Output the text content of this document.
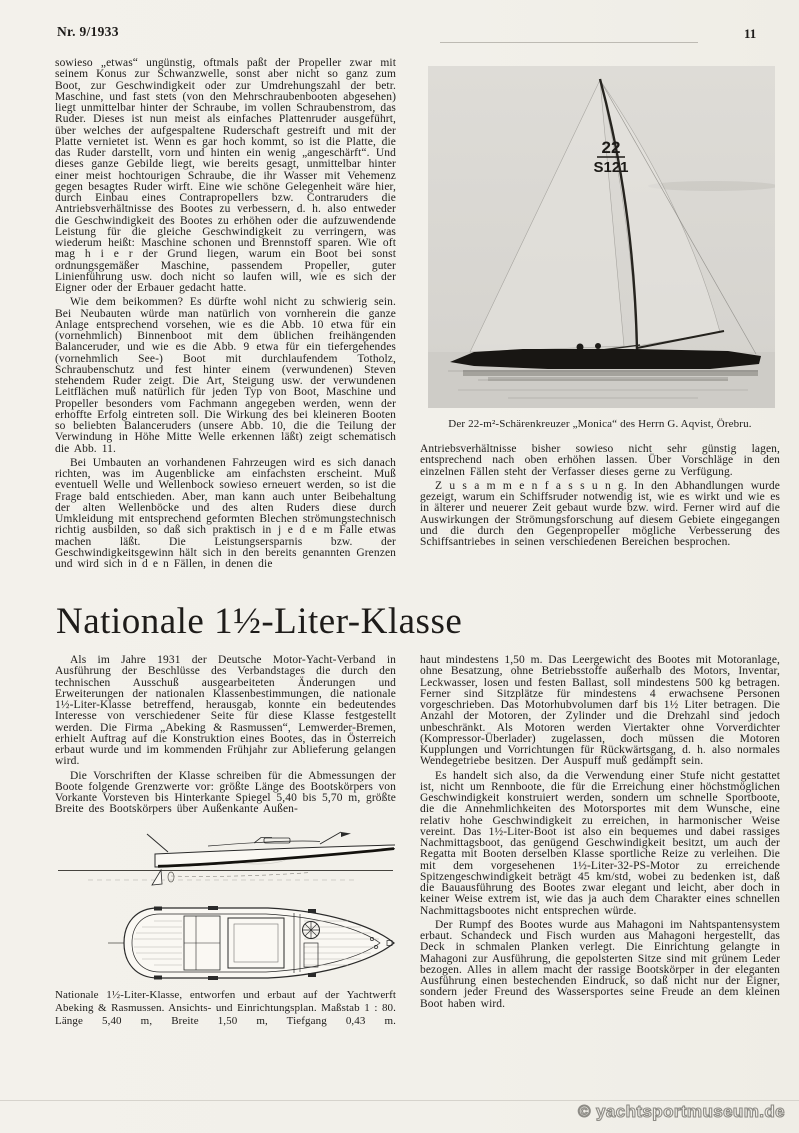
Nr. 9/1933	11

sowieso „etwas“ ungünstig, oftmals paßt der Propeller zwar mit seinem Konus zur Schwanzwelle, sonst aber nicht so ganz zum Boot, zur Geschwindigkeit oder zur Umdrehungszahl der betr. Maschine, und fast stets (von den Mehrschraubenbooten abgesehen) liegt unmittelbar hinter der Schraube, im vollen Schraubenstrom, das Ruder. Dieses ist nun meist als einfaches Plattenruder ausgeführt, über welches der aufgespaltene Ruderschaft gestreift und mit der Platte vernietet ist. Wenn es gar hoch kommt, so ist die Platte, die das Ruder darstellt, vorn und hinten ein wenig „angeschärft“. Und dieses ganze Gebilde liegt, wie bereits gesagt, unmittelbar hinter einer meist hochtourigen Schraube, die ihr Wasser mit Vehemenz gegen besagtes Ruder wirft. Eine wie schöne Gelegenheit wäre hier, durch Einbau eines Contrapropellers bzw. Contraruders die Antriebsverhältnisse des Bootes zu verbessern, d. h. also entweder die Geschwindigkeit des Bootes zu erhöhen oder die aufzuwendende Leistung für die gleiche Geschwindigkeit zu verringern, was wiederum heißt: Maschine schonen und Brennstoff sparen. Wie oft mag h i e r der Grund liegen, warum ein Boot bei sonst ordnungsgemäßer Maschine, passendem Propeller, guter Linienführung usw. doch nicht so laufen will, wie es sich der Eigner oder der Erbauer gedacht hatte.

Wie dem beikommen? Es dürfte wohl nicht zu schwierig sein. Bei Neubauten würde man natürlich von vornherein die ganze Anlage entsprechend vorsehen, wie es die Abb. 10 etwa für ein (vornehmlich) Binnenboot mit dem üblichen freihängenden Balanceruder, und wie es die Abb. 9 etwa für ein tiefergehendes (vornehmlich See-) Boot mit durchlaufendem Totholz, Schraubenschutz und fest hinter einem (verwundenen) Steven stehendem Ruder zeigt. Die Art, Steigung usw. der verwundenen Leitflächen muß natürlich für jeden Typ von Boot, Maschine und Propeller besonders vom Fachmann angegeben werden, wenn der erhoffte Erfolg eintreten soll. Die Wirkung des bei kleineren Booten so beliebten Balanceruders (unsere Abb. 10, die die Teilung der Verwindung in Höhe Mitte Welle erkennen läßt) zeigt schematisch die Abb. 11.

Bei Umbauten an vorhandenen Fahrzeugen wird es sich danach richten, was im Augenblicke am einfachsten erscheint. Muß eventuell Welle und Wellenbock sowieso erneuert werden, so ist die Frage bald entschieden. Aber, man kann auch unter Beibehaltung der alten Wellenböcke und des alten Ruders diese durch Umkleidung mit entsprechend geformten Blechen strömungstechnisch richtig ausbilden, so daß sich praktisch in j e d e m Falle etwas machen läßt. Die Leistungsersparnis bzw. der Geschwindigkeitsgewinn hält sich in den bereits genannten Grenzen und wird sich in d e n Fällen, in denen die

22
S121
Der 22-m²-Schärenkreuzer „Monica“ des Herrn G. Aqvist, Örebru.

Antriebsverhältnisse bisher sowieso nicht sehr günstig lagen, entsprechend nach oben erhöhen lassen. Über Vorschläge in den einzelnen Fällen steht der Verfasser dieses gerne zu Verfügung.

Z u s a m m e n f a s s u n g. In den Abhandlungen wurde gezeigt, warum ein Schiffsruder notwendig ist, wie es wirkt und wie es in älterer und neuerer Zeit gebaut wurde bzw. wird. Ferner wird auf die Auswirkungen der Strömungsforschung auf diesem Gebiete eingegangen und die durch den Gegenpropeller mögliche Verbesserung des Schiffsantriebes in seinen verschiedenen Bereichen besprochen.

Nationale 1½-Liter-Klasse

Als im Jahre 1931 der Deutsche Motor-Yacht-Verband in Ausführung der Beschlüsse des Verbandstages die durch den technischen Ausschuß ausgearbeiteten Änderungen und Erweiterungen der nationalen Klassenbestimmungen, die nationale 1½-Liter-Klasse betreffend, herausgab, konnte ein bedeutendes Interesse von verschiedener Seite für diese Klasse festgestellt werden. Die Firma „Abeking & Rasmussen“, Lemwerder-Bremen, erhielt Auftrag auf die Konstruktion eines Bootes, das in Österreich erbaut wurde und im kommenden Frühjahr zur Ablieferung gelangen wird.

Die Vorschriften der Klasse schreiben für die Abmessungen der Boote folgende Grenzwerte vor: größte Länge des Bootskörpers von Vorkante Vorsteven bis Hinterkante Spiegel 5,40 bis 5,70 m, größte Breite des Bootskörpers über Außenkante Außen-

Nationale 1½-Liter-Klasse, entworfen und erbaut auf der Yachtwerft Abeking & Rasmussen. Ansichts- und Einrichtungsplan. Maßstab 1 : 80. Länge 5,40 m, Breite 1,50 m, Tiefgang 0,43 m.

haut mindestens 1,50 m. Das Leergewicht des Bootes mit Motoranlage, ohne Besatzung, ohne Betriebsstoffe außerhalb des Motors, Inventar, Leckwasser, losen und festen Ballast, soll mindestens 500 kg betragen. Ferner sind Sitzplätze für mindestens 4 erwachsene Personen vorgeschrieben. Das Motorhubvolumen darf bis 1½ Liter betragen. Die Anzahl der Motoren, der Zylinder und die Drehzahl sind jedoch unbeschränkt. Als Motoren werden Viertakter ohne Vorverdichter (Kompressor-Überlader) zugelassen, doch müssen die Motoren Kupplungen und Vorrichtungen für Rückwärtsgang, d. h. also normales Wendegetriebe besitzen. Der Auspuff muß gedämpft sein.

Es handelt sich also, da die Verwendung einer Stufe nicht gestattet ist, nicht um Rennboote, die für die Erreichung einer höchstmöglichen Geschwindigkeit konstruiert werden, sondern um schnelle Sportboote, die die Annehmlichkeiten des Motorsportes mit dem Wunsche, eine relativ hohe Geschwindigkeit zu erreichen, in harmonischer Weise vereint. Das 1½-Liter-Boot ist also ein bequemes und dabei rassiges Nachmittagsboot, das genügend Geschwindigkeit besitzt, um auch der Regatta mit Booten derselben Klasse sportliche Reize zu verleihen. Die mit dem vorgesehenen 1½-Liter-32-PS-Motor zu erreichende Spitzengeschwindigkeit beträgt 45 km/std, wobei zu bedenken ist, daß die Bauausführung des Bootes zwar elegant und leicht, aber doch in keiner Weise extrem ist, wie das ja auch dem Charakter eines schnellen Nachmittagsbootes nicht entsprechen würde.

Der Rumpf des Bootes wurde aus Mahagoni im Nahtspantensystem erbaut. Schandeck und Fisch wurden aus Mahagoni hergestellt, das Deck in schmalen Planken verlegt. Die Einrichtung gelangte in Mahagoni zur Ausführung, die gepolsterten Sitze sind mit grünem Leder bezogen. Alles in allem macht der rassige Bootskörper in der eleganten Ausführung einen bestechenden Eindruck, so daß nicht nur der Eigner, sondern jeder Freund des Wassersportes seine Freude an dem kleinen Boot haben wird.

© yachtsportmuseum.de
